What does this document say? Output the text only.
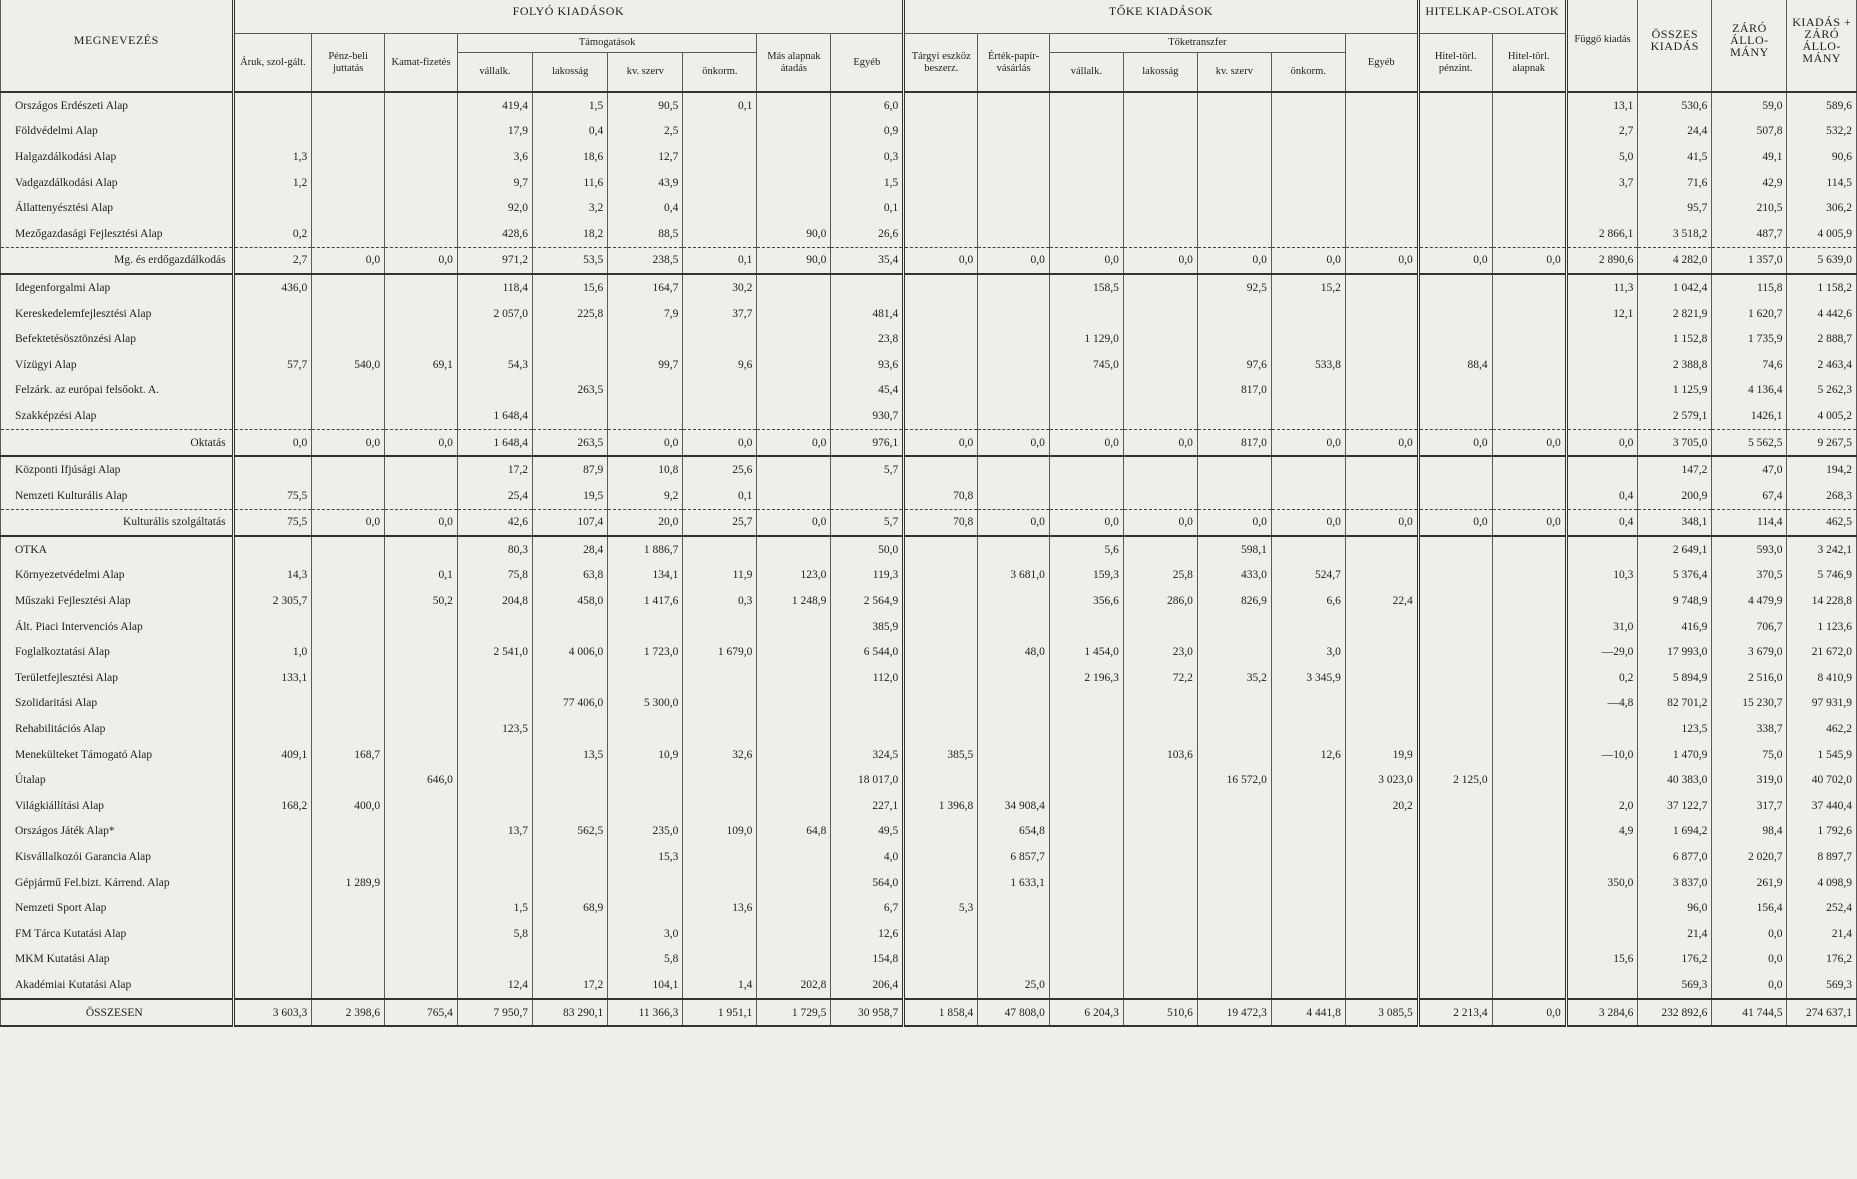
MEGNEVEZÉS	FOLYÓ KIADÁSOK									TŐKE KIADÁSOK							HITELKAP-CSOLATOK		Függő kiadás	ÖSSZES KIADÁS	ZÁRÓ ÁLLO-MÁNY	KIADÁS + ZÁRÓ ÁLLO-MÁNY
	Áruk, szol-gált.	Pénz-beli juttatás	Kamat-fizetés	Támogatások				Más alapnak átadás	Egyéb	Tárgyi eszköz beszerz.	Érték-papír-vásárlás	Tőketranszfer				Egyéb	Hitel-törl. pénzint.	Hitel-törl. alapnak				
				vállalk.	lakosság	kv. szerv	önkorm.					vállalk.	lakosság	kv. szerv	önkorm.							
Országos Erdészeti Alap				419,4	1,5	90,5	0,1		6,0										13,1	530,6	59,0	589,6
Földvédelmi Alap				17,9	0,4	2,5			0,9										2,7	24,4	507,8	532,2
Halgazdálkodási Alap	1,3			3,6	18,6	12,7			0,3										5,0	41,5	49,1	90,6
Vadgazdálkodási Alap	1,2			9,7	11,6	43,9			1,5										3,7	71,6	42,9	114,5
Állattenyésztési Alap				92,0	3,2	0,4			0,1											95,7	210,5	306,2
Mezőgazdasági Fejlesztési Alap	0,2			428,6	18,2	88,5		90,0	26,6										2 866,1	3 518,2	487,7	4 005,9
Mg. és erdőgazdálkodás	2,7	0,0	0,0	971,2	53,5	238,5	0,1	90,0	35,4	0,0	0,0	0,0	0,0	0,0	0,0	0,0	0,0	0,0	2 890,6	4 282,0	1 357,0	5 639,0
Idegenforgalmi Alap	436,0			118,4	15,6	164,7	30,2					158,5		92,5	15,2				11,3	1 042,4	115,8	1 158,2
Kereskedelemfejlesztési Alap				2 057,0	225,8	7,9	37,7		481,4										12,1	2 821,9	1 620,7	4 442,6
Befektetésösztönzési Alap									23,8			1 129,0								1 152,8	1 735,9	2 888,7
Vízügyi Alap	57,7	540,0	69,1	54,3		99,7	9,6		93,6			745,0		97,6	533,8		88,4			2 388,8	74,6	2 463,4
Felzárk. az európai felsőokt. A.					263,5				45,4					817,0						1 125,9	4 136,4	5 262,3
Szakképzési Alap				1 648,4					930,7											2 579,1	1426,1	4 005,2
Oktatás	0,0	0,0	0,0	1 648,4	263,5	0,0	0,0	0,0	976,1	0,0	0,0	0,0	0,0	817,0	0,0	0,0	0,0	0,0	0,0	3 705,0	5 562,5	9 267,5
Központi Ifjúsági Alap				17,2	87,9	10,8	25,6		5,7											147,2	47,0	194,2
Nemzeti Kulturális Alap	75,5			25,4	19,5	9,2	0,1			70,8									0,4	200,9	67,4	268,3
Kulturális szolgáltatás	75,5	0,0	0,0	42,6	107,4	20,0	25,7	0,0	5,7	70,8	0,0	0,0	0,0	0,0	0,0	0,0	0,0	0,0	0,4	348,1	114,4	462,5
OTKA				80,3	28,4	1 886,7			50,0			5,6		598,1						2 649,1	593,0	3 242,1
Környezetvédelmi Alap	14,3		0,1	75,8	63,8	134,1	11,9	123,0	119,3		3 681,0	159,3	25,8	433,0	524,7				10,3	5 376,4	370,5	5 746,9
Műszaki Fejlesztési Alap	2 305,7		50,2	204,8	458,0	1 417,6	0,3	1 248,9	2 564,9			356,6	286,0	826,9	6,6	22,4				9 748,9	4 479,9	14 228,8
Ált. Piaci Intervenciós Alap									385,9										31,0	416,9	706,7	1 123,6
Foglalkoztatási Alap	1,0			2 541,0	4 006,0	1 723,0	1 679,0		6 544,0		48,0	1 454,0	23,0		3,0				—29,0	17 993,0	3 679,0	21 672,0
Területfejlesztési Alap	133,1								112,0			2 196,3	72,2	35,2	3 345,9				0,2	5 894,9	2 516,0	8 410,9
Szolidaritási Alap					77 406,0	5 300,0													—4,8	82 701,2	15 230,7	97 931,9
Rehabilitációs Alap				123,5																123,5	338,7	462,2
Menekülteket Támogató Alap	409,1	168,7			13,5	10,9	32,6		324,5	385,5			103,6		12,6	19,9			—10,0	1 470,9	75,0	1 545,9
Útalap			646,0						18 017,0					16 572,0		3 023,0	2 125,0			40 383,0	319,0	40 702,0
Világkiállítási Alap	168,2	400,0							227,1	1 396,8	34 908,4					20,2			2,0	37 122,7	317,7	37 440,4
Országos Játék Alap*				13,7	562,5	235,0	109,0	64,8	49,5		654,8								4,9	1 694,2	98,4	1 792,6
Kisvállalkozói Garancia Alap						15,3			4,0		6 857,7									6 877,0	2 020,7	8 897,7
Gépjármű Fel.bizt. Kárrend. Alap		1 289,9							564,0		1 633,1								350,0	3 837,0	261,9	4 098,9
Nemzeti Sport Alap				1,5	68,9		13,6		6,7	5,3										96,0	156,4	252,4
FM Tárca Kutatási Alap				5,8		3,0			12,6											21,4	0,0	21,4
MKM Kutatási Alap						5,8			154,8										15,6	176,2	0,0	176,2
Akadémiai Kutatási Alap				12,4	17,2	104,1	1,4	202,8	206,4		25,0									569,3	0,0	569,3
ÖSSZESEN	3 603,3	2 398,6	765,4	7 950,7	83 290,1	11 366,3	1 951,1	1 729,5	30 958,7	1 858,4	47 808,0	6 204,3	510,6	19 472,3	4 441,8	3 085,5	2 213,4	0,0	3 284,6	232 892,6	41 744,5	274 637,1
